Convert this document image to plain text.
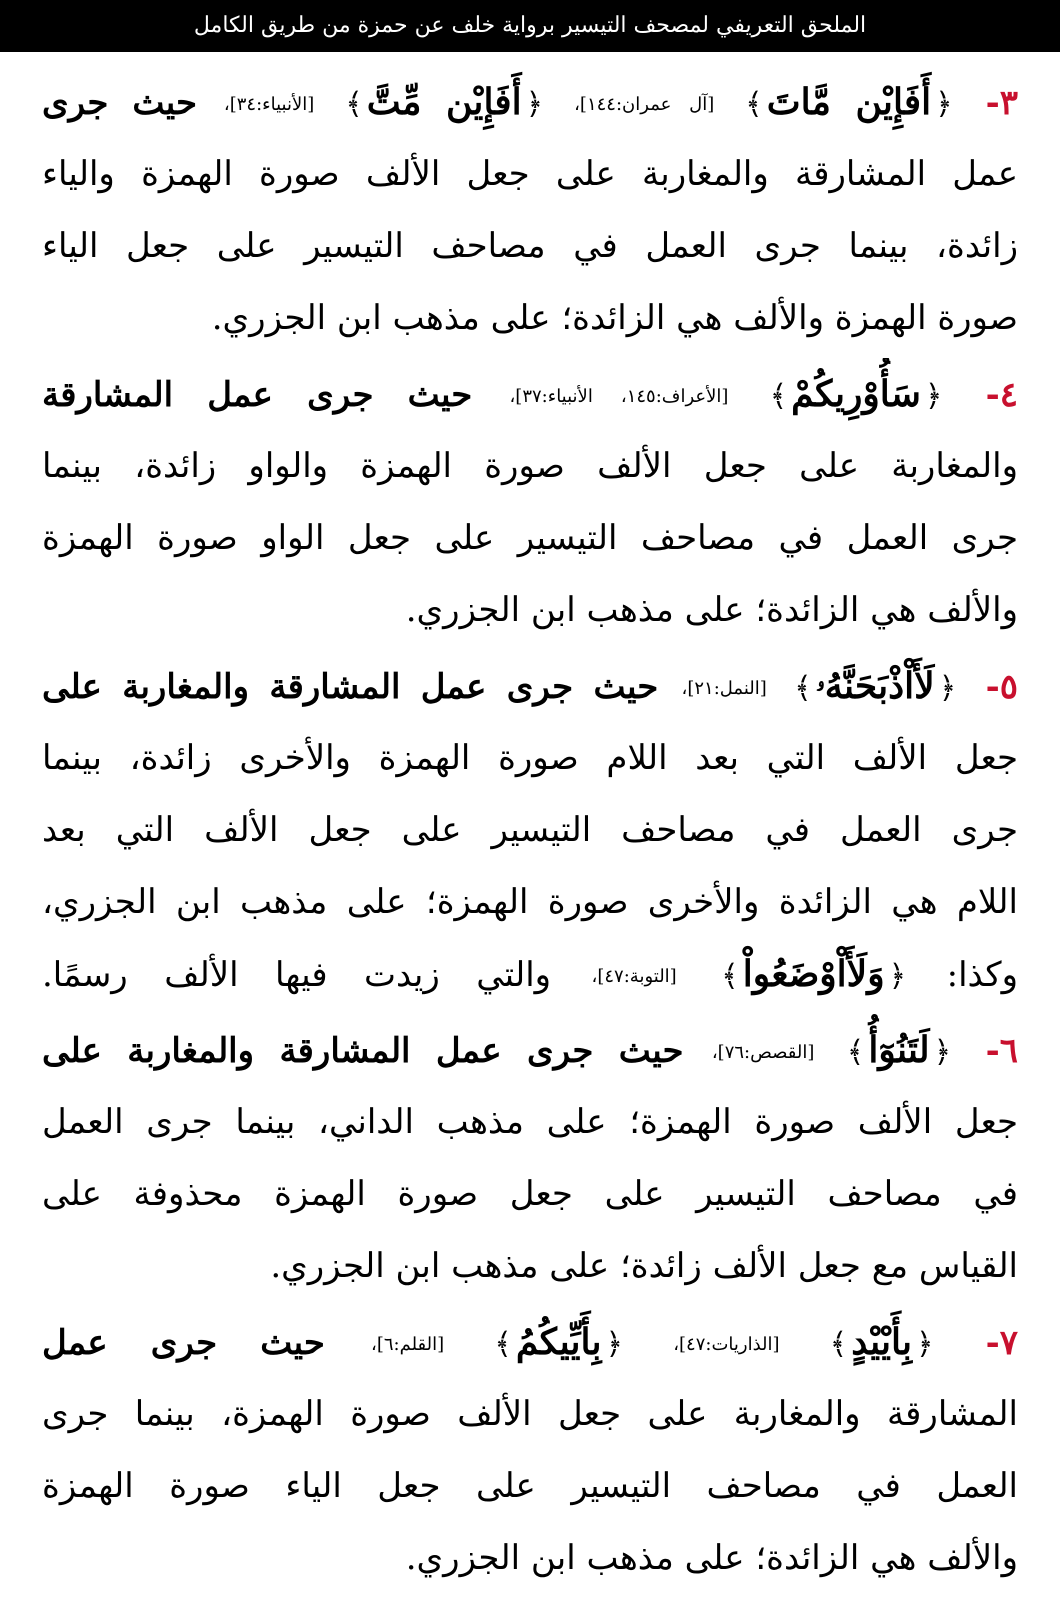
الملحق التعريفي لمصحف التيسير برواية خلف عن حمزة من طريق الكامل
٣- ﴿أَفَإِيْن مَّاتَ﴾ [آل عمران:١٤٤]، ﴿أَفَإِيْن مِّتَّ﴾ [الأنبياء:٣٤]، حيث جرى
عمل المشارقة والمغاربة على جعل الألف صورة الهمزة والياء
زائدة، بينما جرى العمل في مصاحف التيسير على جعل الياء
صورة الهمزة والألف هي الزائدة؛ على مذهب ابن الجزري.
٤- ﴿سَأُوْرِيكُمْ﴾ [الأعراف:١٤٥، الأنبياء:٣٧]، حيث جرى عمل المشارقة
والمغاربة على جعل الألف صورة الهمزة والواو زائدة، بينما
جرى العمل في مصاحف التيسير على جعل الواو صورة الهمزة
والألف هي الزائدة؛ على مذهب ابن الجزري.
٥- ﴿لَأَاْذْبَحَنَّهُۥ﴾ [النمل:٢١]، حيث جرى عمل المشارقة والمغاربة على
جعل الألف التي بعد اللام صورة الهمزة والأخرى زائدة، بينما
جرى العمل في مصاحف التيسير على جعل الألف التي بعد
اللام هي الزائدة والأخرى صورة الهمزة؛ على مذهب ابن الجزري،
وكذا: ﴿وَلَأَاْوْضَعُواْ﴾ [التوبة:٤٧]، والتي زيدت فيها الألف رسمًا.
٦- ﴿لَتَنُوٓأُ﴾ [القصص:٧٦]، حيث جرى عمل المشارقة والمغاربة على
جعل الألف صورة الهمزة؛ على مذهب الداني، بينما جرى العمل
في مصاحف التيسير على جعل صورة الهمزة محذوفة على
القياس مع جعل الألف زائدة؛ على مذهب ابن الجزري.
٧- ﴿بِأَيْيْدٍ﴾ [الذاريات:٤٧]، ﴿بِأَيِّيكُمُ﴾ [القلم:٦]، حيث جرى عمل
المشارقة والمغاربة على جعل الألف صورة الهمزة، بينما جرى
العمل في مصاحف التيسير على جعل الياء صورة الهمزة
والألف هي الزائدة؛ على مذهب ابن الجزري.
